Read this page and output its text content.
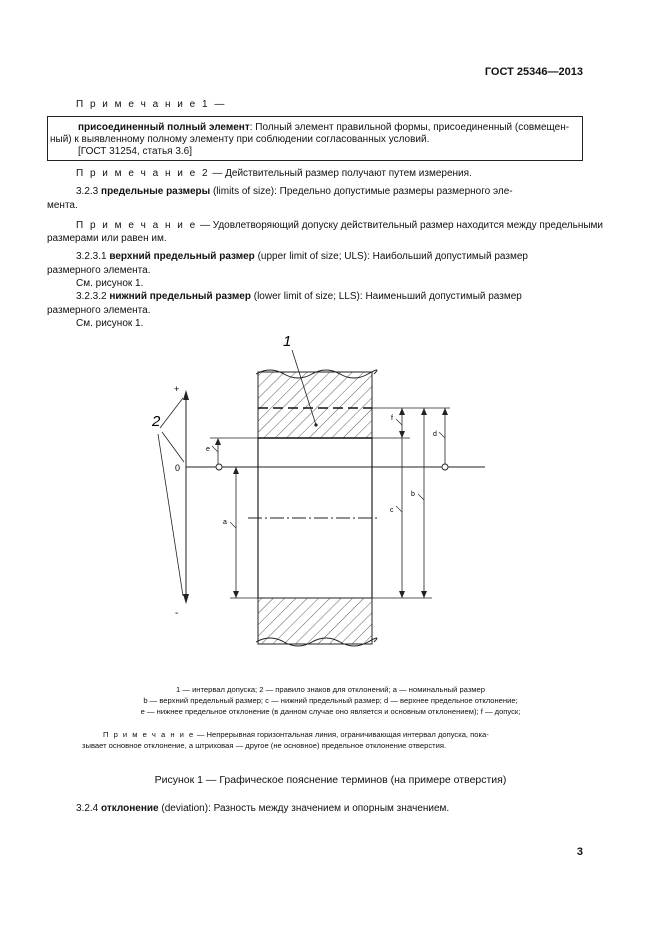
ГОСТ 25346—2013
П р и м е ч а н и е 1 —
присоединенный полный элемент: Полный элемент правильной формы, присоединенный (совмещен-
ный) к выявленному полному элементу при соблюдении согласованных условий.
[ГОСТ 31254, статья 3.6]
П р и м е ч а н и е 2 — Действительный размер получают путем измерения.
3.2.3 предельные размеры (limits of size): Предельно допустимые размеры размерного эле-
мента.
П р и м е ч а н и е — Удовлетворяющий допуску действительный размер находится между предельными
размерами или равен им.
3.2.3.1 верхний предельный размер (upper limit of size; ULS): Наибольший допустимый размер
размерного элемента.
См. рисунок 1.
3.2.3.2 нижний предельный размер (lower limit of size; LLS): Наименьший допустимый размер
размерного элемента.
См. рисунок 1.
1
2
+
0
-
a
e
f
d
c
b
1 — интервал допуска; 2 — правило знаков для отклонений; a — номинальный размер
b — верхний предельный размер; c — нижний предельный размер; d — верхнее предельное отклонение;
e — нижнее предельное отклонение (в данном случае оно является и основным отклонением); f — допуск;
П р и м е ч а н и е — Непрерывная горизонтальная линия, ограничивающая интервал допуска, пока-
зывает основное отклонение, а штриховая — другое (не основное) предельное отклонение отверстия.
Рисунок 1 — Графическое пояснение терминов (на примере отверстия)
3.2.4 отклонение (deviation): Разность между значением и опорным значением.
3
